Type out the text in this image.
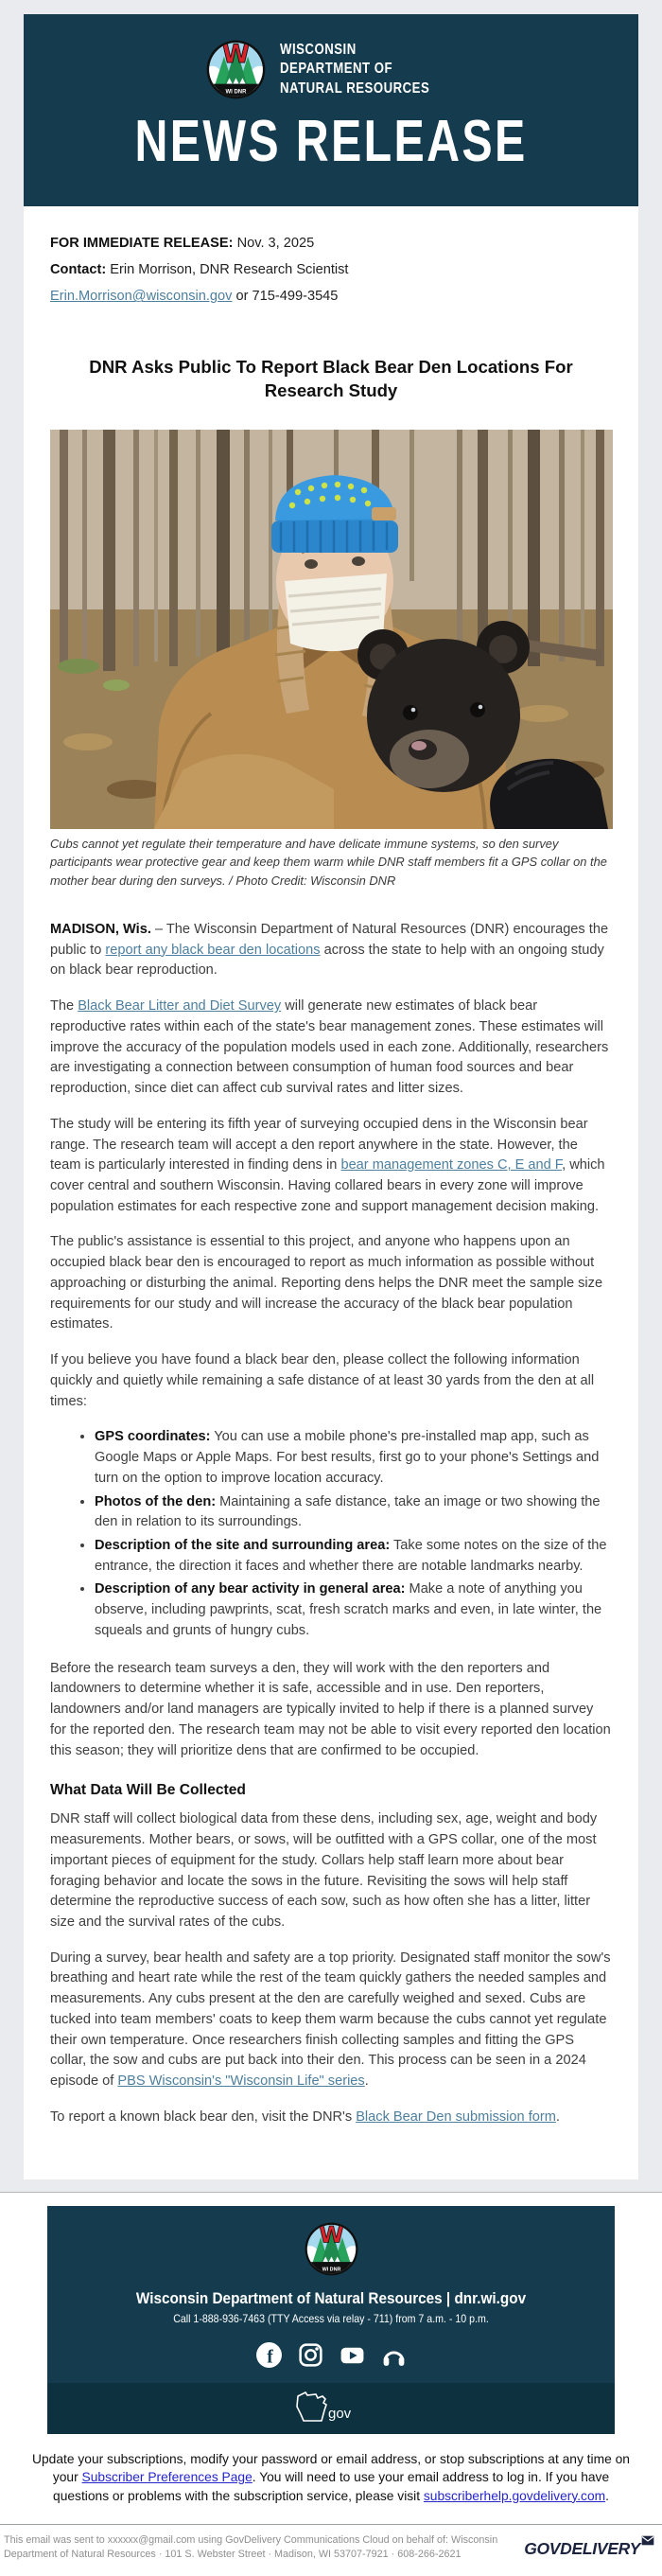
WISCONSIN
DEPARTMENT OF
NATURAL RESOURCES
NEWS RELEASE

FOR IMMEDIATE RELEASE: Nov. 3, 2025

Contact: Erin Morrison, DNR Research Scientist

Erin.Morrison@wisconsin.gov or 715-499-3545

DNR Asks Public To Report Black Bear Den Locations For Research Study
Cubs cannot yet regulate their temperature and have delicate immune systems, so den survey participants wear protective gear and keep them warm while DNR staff members fit a GPS collar on the mother bear during den surveys. / Photo Credit: Wisconsin DNR

MADISON, Wis. – The Wisconsin Department of Natural Resources (DNR) encourages the public to report any black bear den locations across the state to help with an ongoing study on black bear reproduction.

The Black Bear Litter and Diet Survey will generate new estimates of black bear reproductive rates within each of the state's bear management zones. These estimates will improve the accuracy of the population models used in each zone. Additionally, researchers are investigating a connection between consumption of human food sources and bear reproduction, since diet can affect cub survival rates and litter sizes.

The study will be entering its fifth year of surveying occupied dens in the Wisconsin bear range. The research team will accept a den report anywhere in the state. However, the team is particularly interested in finding dens in bear management zones C, E and F, which cover central and southern Wisconsin. Having collared bears in every zone will improve population estimates for each respective zone and support management decision making.

The public's assistance is essential to this project, and anyone who happens upon an occupied black bear den is encouraged to report as much information as possible without approaching or disturbing the animal. Reporting dens helps the DNR meet the sample size requirements for our study and will increase the accuracy of the black bear population estimates.

If you believe you have found a black bear den, please collect the following information quickly and quietly while remaining a safe distance of at least 30 yards from the den at all times:

• GPS coordinates: You can use a mobile phone's pre-installed map app, such as Google Maps or Apple Maps. For best results, first go to your phone's Settings and turn on the option to improve location accuracy.
• Photos of the den: Maintaining a safe distance, take an image or two showing the den in relation to its surroundings.
• Description of the site and surrounding area: Take some notes on the size of the entrance, the direction it faces and whether there are notable landmarks nearby.
• Description of any bear activity in general area: Make a note of anything you observe, including pawprints, scat, fresh scratch marks and even, in late winter, the squeals and grunts of hungry cubs.

Before the research team surveys a den, they will work with the den reporters and landowners to determine whether it is safe, accessible and in use. Den reporters, landowners and/or land managers are typically invited to help if there is a planned survey for the reported den. The research team may not be able to visit every reported den location this season; they will prioritize dens that are confirmed to be occupied.

What Data Will Be Collected

DNR staff will collect biological data from these dens, including sex, age, weight and body measurements. Mother bears, or sows, will be outfitted with a GPS collar, one of the most important pieces of equipment for the study. Collars help staff learn more about bear foraging behavior and locate the sows in the future. Revisiting the sows will help staff determine the reproductive success of each sow, such as how often she has a litter, litter size and the survival rates of the cubs.

During a survey, bear health and safety are a top priority. Designated staff monitor the sow's breathing and heart rate while the rest of the team quickly gathers the needed samples and measurements. Any cubs present at the den are carefully weighed and sexed. Cubs are tucked into team members' coats to keep them warm because the cubs cannot yet regulate their own temperature. Once researchers finish collecting samples and fitting the GPS collar, the sow and cubs are put back into their den. This process can be seen in a 2024 episode of PBS Wisconsin's "Wisconsin Life" series.

To report a known black bear den, visit the DNR's Black Bear Den submission form.

Wisconsin Department of Natural Resources | dnr.wi.gov
Call 1-888-936-7463 (TTY Access via relay - 711) from 7 a.m. - 10 p.m.
f
gov

Update your subscriptions, modify your password or email address, or stop subscriptions at any time on your Subscriber Preferences Page. You will need to use your email address to log in. If you have questions or problems with the subscription service, please visit subscriberhelp.govdelivery.com.

This email was sent to xxxxxx@gmail.com using GovDelivery Communications Cloud on behalf of: Wisconsin Department of Natural Resources · 101 S. Webster Street · Madison, WI 53707-7921 · 608-266-2621	GOVDELIVERY
